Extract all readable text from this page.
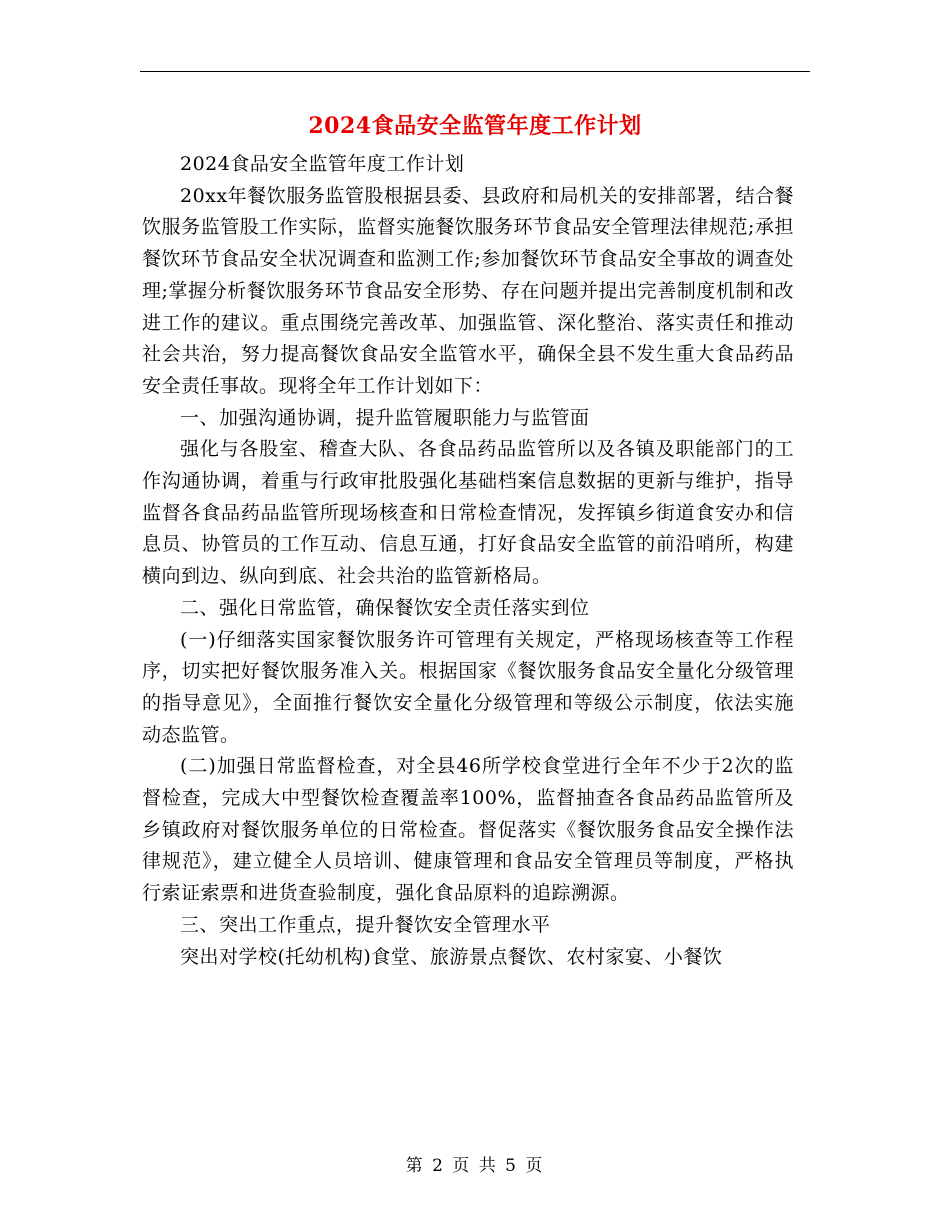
2024食品安全监管年度工作计划

2024食品安全监管年度工作计划

20xx年餐饮服务监管股根据县委、县政府和局机关的安排部署，结合餐饮服务监管股工作实际，监督实施餐饮服务环节食品安全管理法律规范;承担餐饮环节食品安全状况调查和监测工作;参加餐饮环节食品安全事故的调查处理;掌握分析餐饮服务环节食品安全形势、存在问题并提出完善制度机制和改进工作的建议。重点围绕完善改革、加强监管、深化整治、落实责任和推动社会共治，努力提高餐饮食品安全监管水平，确保全县不发生重大食品药品安全责任事故。现将全年工作计划如下：

一、加强沟通协调，提升监管履职能力与监管面

强化与各股室、稽查大队、各食品药品监管所以及各镇及职能部门的工作沟通协调，着重与行政审批股强化基础档案信息数据的更新与维护，指导监督各食品药品监管所现场核查和日常检查情况，发挥镇乡街道食安办和信息员、协管员的工作互动、信息互通，打好食品安全监管的前沿哨所，构建横向到边、纵向到底、社会共治的监管新格局。

二、强化日常监管，确保餐饮安全责任落实到位

(一)仔细落实国家餐饮服务许可管理有关规定，严格现场核查等工作程序，切实把好餐饮服务准入关。根据国家《餐饮服务食品安全量化分级管理的指导意见》，全面推行餐饮安全量化分级管理和等级公示制度，依法实施动态监管。

(二)加强日常监督检查，对全县46所学校食堂进行全年不少于2次的监督检查，完成大中型餐饮检查覆盖率100%，监督抽查各食品药品监管所及乡镇政府对餐饮服务单位的日常检查。督促落实《餐饮服务食品安全操作法律规范》，建立健全人员培训、健康管理和食品安全管理员等制度，严格执行索证索票和进货查验制度，强化食品原料的追踪溯源。

三、突出工作重点，提升餐饮安全管理水平

突出对学校(托幼机构)食堂、旅游景点餐饮、农村家宴、小餐饮

第 2 页 共 5 页
